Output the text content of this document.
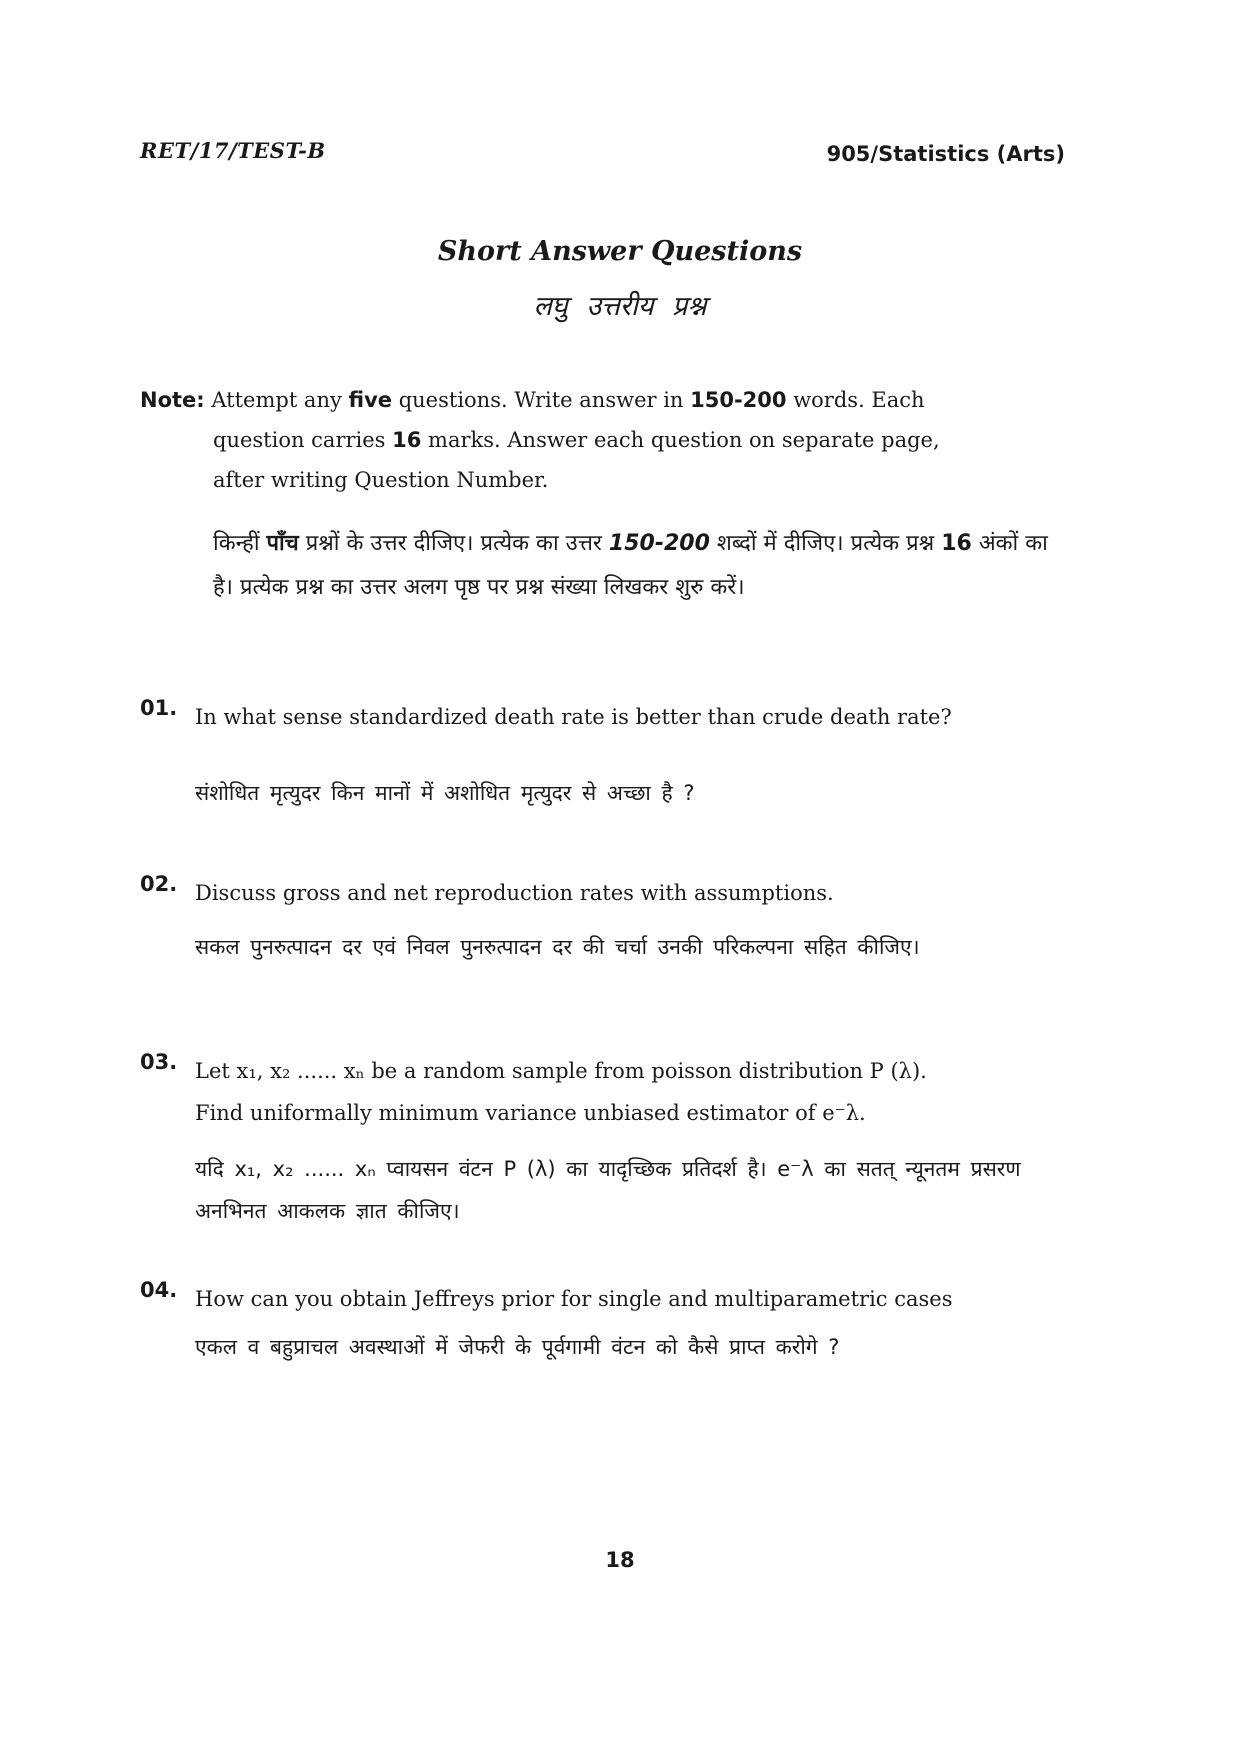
RET/17/TEST-B	905/Statistics (Arts)
Short Answer Questions
लघु उत्तरीय प्रश्न
Note: Attempt any five questions. Write answer in 150-200 words. Each
question carries 16 marks. Answer each question on separate page,
after writing Question Number.
किन्हीं पाँच प्रश्नों के उत्तर दीजिए। प्रत्येक का उत्तर 150-200 शब्दों में दीजिए। प्रत्येक प्रश्न 16 अंकों का है। प्रत्येक प्रश्न का उत्तर अलग पृष्ठ पर प्रश्न संख्या लिखकर शुरु करें।
01. In what sense standardized death rate is better than crude death rate?
संशोधित मृत्युदर किन मानों में अशोधित मृत्युदर से अच्छा है ?
02. Discuss gross and net reproduction rates with assumptions.
सकल पुनरुत्पादन दर एवं निवल पुनरुत्पादन दर की चर्चा उनकी परिकल्पना सहित कीजिए।
03. Let x₁, x₂ ...... xₙ be a random sample from poisson distribution P (λ).
Find uniformally minimum variance unbiased estimator of e⁻λ.
यदि x₁, x₂ ...... xₙ प्वायसन वंटन P (λ) का यादृच्छिक प्रतिदर्श है। e⁻λ का सतत् न्यूनतम प्रसरण अनभिनत आकलक ज्ञात कीजिए।
04. How can you obtain Jeffreys prior for single and multiparametric cases
एकल व बहुप्राचल अवस्थाओं में जेफरी के पूर्वगामी वंटन को कैसे प्राप्त करोगे ?
18
